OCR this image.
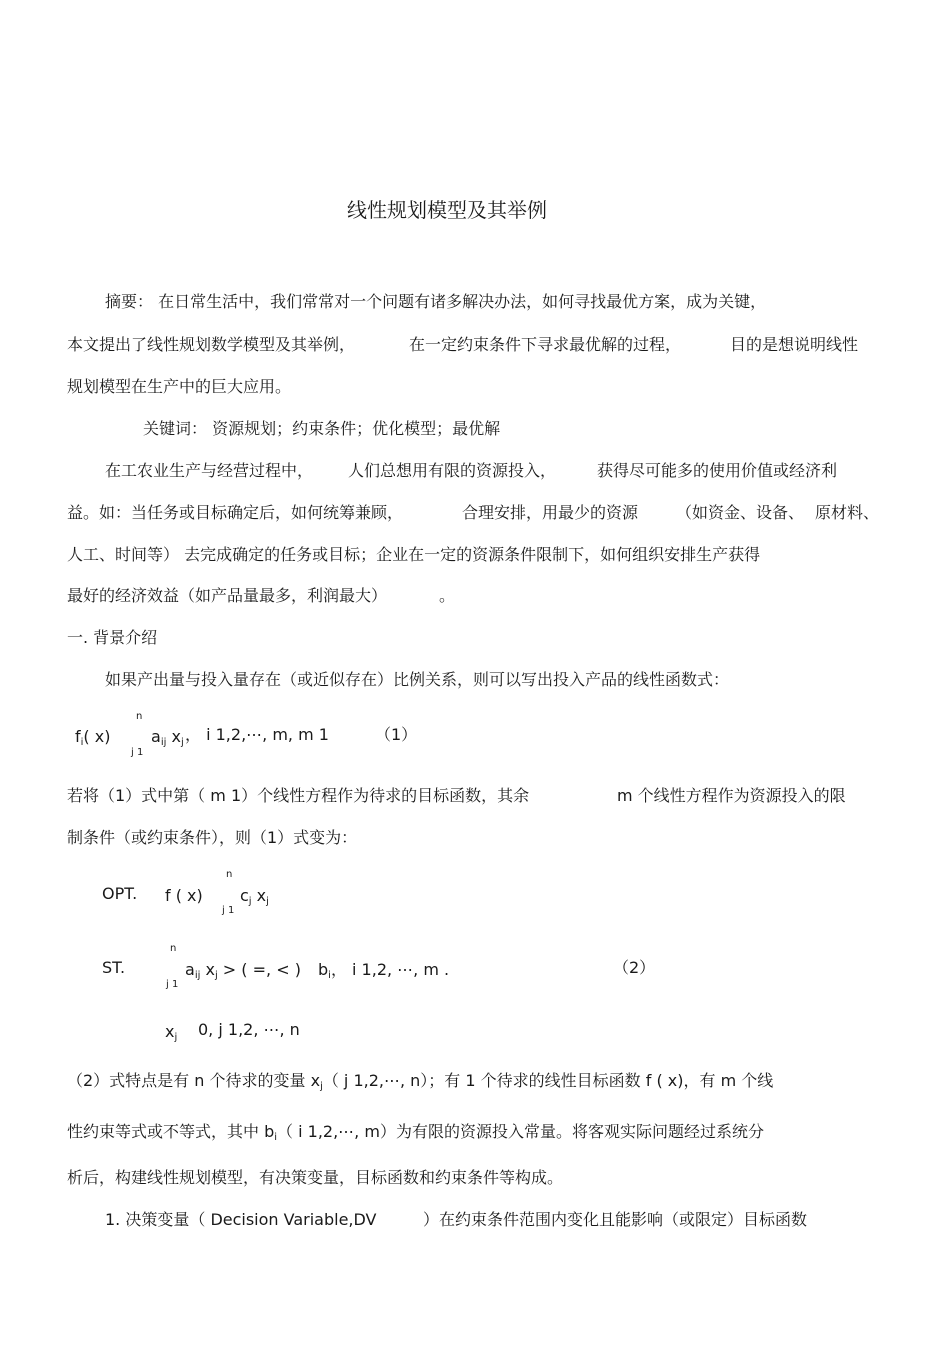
线性规划模型及其举例
摘要： 在日常生活中，我们常常对一个问题有诸多解决办法，如何寻找最优方案，成为关键，
本文提出了线性规划数学模型及其举例，	在一定约束条件下寻求最优解的过程，	目的是想说明线性
规划模型在生产中的巨大应用。
关键词： 资源规划；约束条件；优化模型；最优解
在工农业生产与经营过程中， 人们总想用有限的资源投入，	获得尽可能多的使用价值或经济利
益。如：当任务或目标确定后，如何统筹兼顾，	合理安排，用最少的资源 （如资金、设备、 原材料、
人工、时间等） 去完成确定的任务或目标；企业在一定的资源条件限制下，如何组织安排生产获得
最好的经济效益（如产品量最多，利润最大）	。
一. 背景介绍
如果产出量与投入量存在（或近似存在）比例关系，则可以写出投入产品的线性函数式：
$f_i$( x)
n
j 1
$a_{ij}$ $x_j$ ， i 1,2,⋯, m, m 1	（1）
若将（1）式中第（ m 1）个线性方程作为待求的目标函数，其余	m 个线性方程作为资源投入的限
制条件（或约束条件），则（1）式变为：
OPT. f ( x)
n
j 1
$c_j$ $x_j$
ST.
n
j 1
$a_{ij}$ $x_j$ > ( =, < ) $b_i$， i 1,2, ⋯, m .	（2）
$x_j$ 0, j 1,2, ⋯, n
（2）式特点是有 n 个待求的变量 $x_j$（ j 1,2,⋯, n）；有 1 个待求的线性目标函数 f ( x)，有 m 个线
性约束等式或不等式，其中 $b_i$（ i 1,2,⋯, m）为有限的资源投入常量。将客观实际问题经过系统分
析后，构建线性规划模型，有决策变量，目标函数和约束条件等构成。
1. 决策变量（ Decision Variable,DV	）在约束条件范围内变化且能影响（或限定）目标函数
